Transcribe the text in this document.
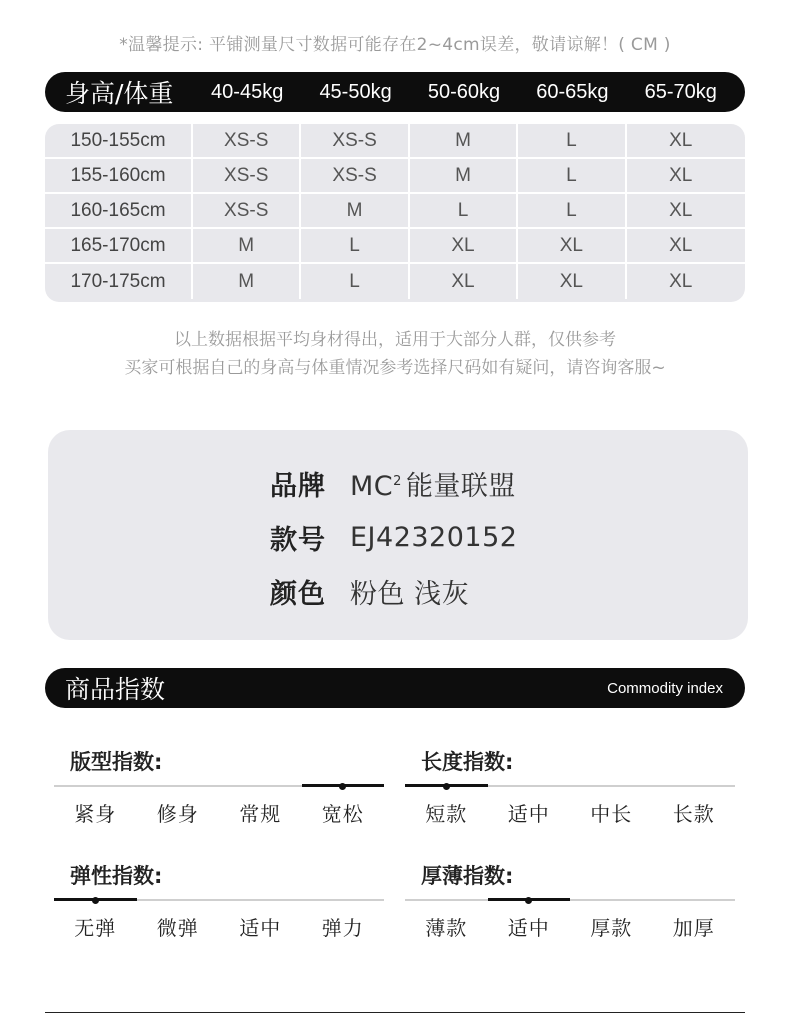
*温馨提示: 平铺测量尺寸数据可能存在2~4cm误差，敬请谅解！( CM )
身高/体重	40-45kg	45-50kg	50-60kg	60-65kg	65-70kg
150-155cm	XS-S	XS-S	M	L	XL
155-160cm	XS-S	XS-S	M	L	XL
160-165cm	XS-S	M	L	L	XL
165-170cm	M	L	XL	XL	XL
170-175cm	M	L	XL	XL	XL
以上数据根据平均身材得出，适用于大部分人群，仅供参考
买家可根据自己的身高与体重情况参考选择尺码如有疑问，请咨询客服~
品牌 $MC^2$ 能量联盟
款号 EJ42320152
颜色 粉色 浅灰
商品指数	Commodity index
版型指数:
紧身	修身	常规	宽松
长度指数:
短款	适中	中长	长款
弹性指数:
无弹	微弹	适中	弹力
厚薄指数:
薄款	适中	厚款	加厚
